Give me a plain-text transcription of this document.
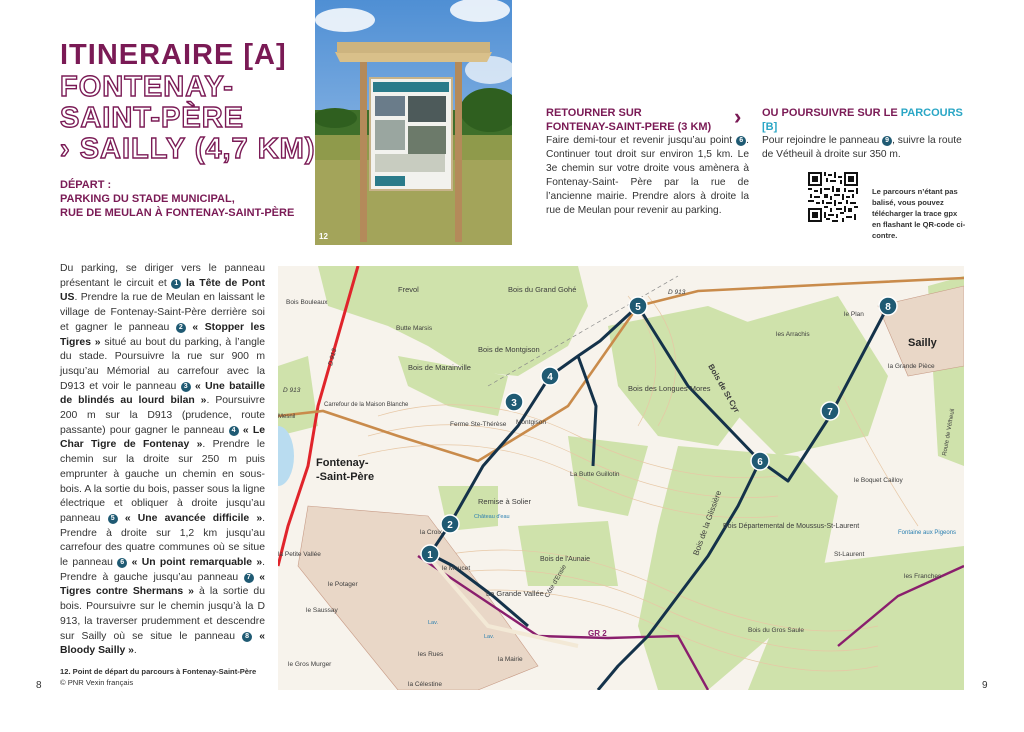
ITINERAIRE [A]
FONTENAY-
SAINT-PÈRE
› SAILLY (4,7 KM)
DÉPART :
PARKING DU STADE MUNICIPAL,
RUE DE MEULAN À FONTENAY-SAINT-PÈRE
12
RETOURNER SUR
FONTENAY-SAINT-PERE (3 KM)
Faire demi-tour et revenir jusqu’au point 6 . Continuer tout droit sur environ 1,5 km. Le 3e chemin sur votre droite vous amènera à Fontenay-Saint- Père par la rue de l’ancienne mairie. Prendre alors à droite la rue de Meulan pour revenir au parking.
› OU POURSUIVRE SUR LE PARCOURS [B]
Pour rejoindre le panneau 9 , suivre la route de Vétheuil à droite sur 350 m.
Le parcours n’étant pas balisé, vous pouvez télécharger la trace gpx en flashant le QR-code ci-contre.
Du parking, se diriger vers le panneau présentant le circuit et 1 la Tête de Pont US. Prendre la rue de Meulan en laissant le village de Fontenay-Saint-Père derrière soi et gagner le panneau 2 « Stopper les Tigres » situé au bout du parking, à l’angle du stade. Poursuivre la rue sur 900 m jusqu’au Mémorial au carrefour avec la D913 et voir le panneau 3 « Une bataille de blindés au lourd bilan ». Poursuivre 200 m sur la D913 (prudence, route passante) pour gagner le panneau 4 « Le Char Tigre de Fontenay ». Prendre le chemin sur la droite sur 250 m puis emprunter à gauche un chemin en sous-bois. A la sortie du bois, passer sous la ligne électrique et obliquer à droite jusqu’au panneau 5 « Une avancée difficile ». Prendre à droite sur 1,2 km jusqu’au carrefour des quatre communes où se situe le panneau 6 « Un point remarquable ». Prendre à gauche jusqu’au panneau 7 « Tigres contre Shermans » à la sortie du bois. Poursuivre sur le chemin jusqu’à la D 913, la traverser prudemment et descendre sur Sailly où se situe le panneau 8 « Bloody Sailly ».
12. Point de départ du parcours à Fontenay-Saint-Père
© PNR Vexin français
8	9
1
2
3
4
5
6
7
8
Frevol
Butte Marsis
Bois du Grand Gohé
Bois de Montgison
Bois de Marainville
Bois Bouleaux
D 913
D 913
D 913
Carrefour de la Maison Blanche
Mesnil
Ferme Ste-Thérèse Montgison
Fontenay-
-Saint-Père
Remise à Solier
La Butte Guillotin
Bois des Longues Mores
Bois de St Cyr
Bois de la Glissière Bois Départemental de Moussus-St-Laurent
Bois de l'Aunaie
La Grande Vallée Côte d'Ensie
GR 2
la Mairie
les Rues
la Célestine
le Moucet
la Croix
le Saussay
la Petite Vallée
le Potager
le Gros Murger
Sailly
la Grande Pièce
le Plan
les Arrachis
le Boquet Cailloy
St-Laurent
Fontaine aux Pigeons
les Franches
Bois du Gros Saule
Route de Vétheuil
Château d'eau
Lav.
Lav.
